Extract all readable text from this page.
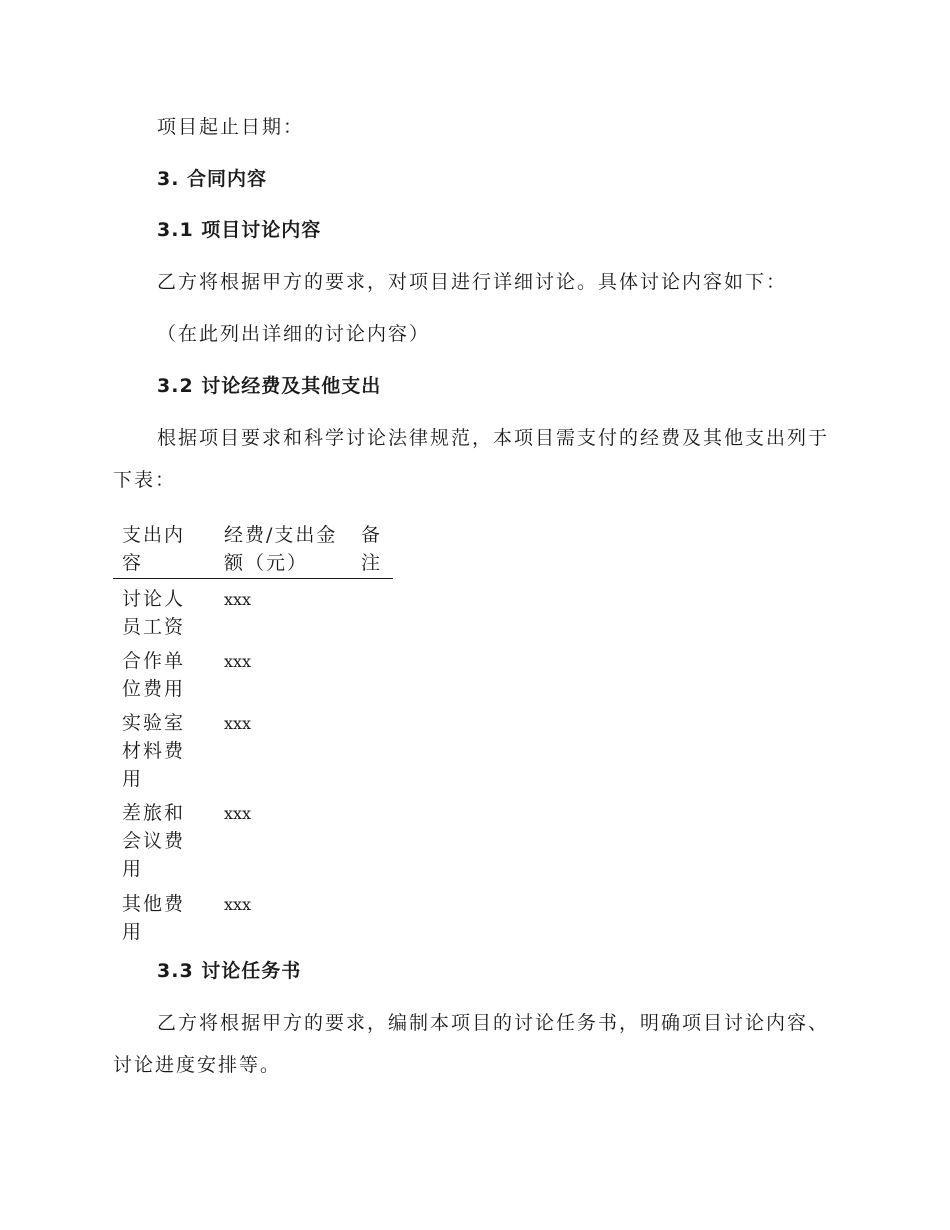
项目起止日期：
3. 合同内容
3.1 项目讨论内容
乙方将根据甲方的要求，对项目进行详细讨论。具体讨论内容如下：
（在此列出详细的讨论内容）
3.2 讨论经费及其他支出

根据项目要求和科学讨论法律规范，本项目需支付的经费及其他支出列于下表：

支出内容
经费/支出金额（元）
备注
讨论人员工资
xxx
合作单位费用
xxx
实验室材料费用
xxx
差旅和会议费用
xxx
其他费用
xxx
3.3 讨论任务书

乙方将根据甲方的要求，编制本项目的讨论任务书，明确项目讨论内容、讨论进度安排等。
